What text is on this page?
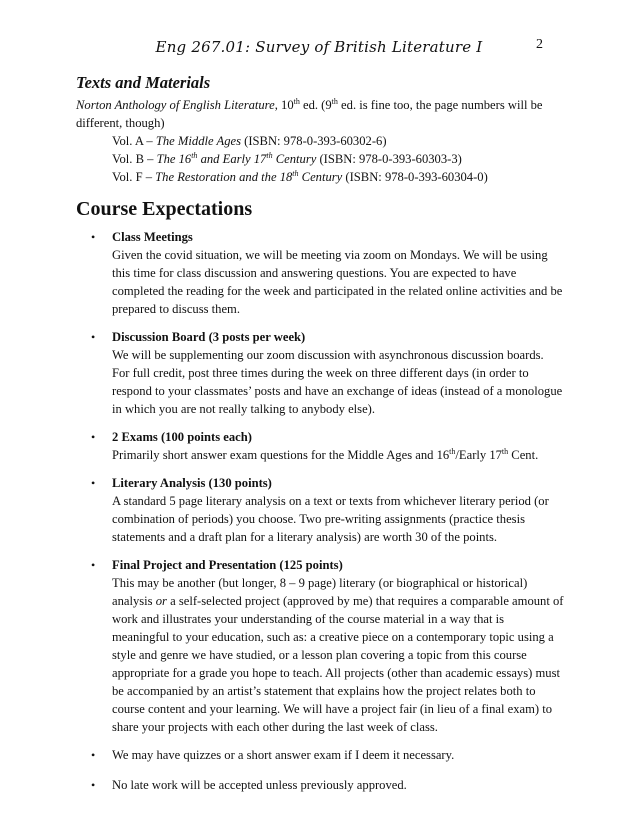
Eng 267.01: Survey of British Literature I	2
Texts and Materials

Norton Anthology of English Literature, 10th ed. (9th ed. is fine too, the page numbers will be different, though)

Vol. A – The Middle Ages (ISBN: 978-0-393-60302-6)
Vol. B – The 16th and Early 17th Century (ISBN: 978-0-393-60303-3)
Vol. F – The Restoration and the 18th Century (ISBN: 978-0-393-60304-0)
Course Expectations
• Class Meetings
Given the covid situation, we will be meeting via zoom on Mondays. We will be using this time for class discussion and answering questions. You are expected to have completed the reading for the week and participated in the related online activities and be prepared to discuss them.
• Discussion Board (3 posts per week)
We will be supplementing our zoom discussion with asynchronous discussion boards. For full credit, post three times during the week on three different days (in order to respond to your classmates’ posts and have an exchange of ideas (instead of a monologue in which you are not really talking to anybody else).
• 2 Exams (100 points each)
Primarily short answer exam questions for the Middle Ages and 16th/Early 17th Cent.
• Literary Analysis (130 points)
A standard 5 page literary analysis on a text or texts from whichever literary period (or combination of periods) you choose. Two pre-writing assignments (practice thesis statements and a draft plan for a literary analysis) are worth 30 of the points.
• Final Project and Presentation (125 points)
This may be another (but longer, 8 – 9 page) literary (or biographical or historical) analysis or a self-selected project (approved by me) that requires a comparable amount of work and illustrates your understanding of the course material in a way that is meaningful to your education, such as: a creative piece on a contemporary topic using a style and genre we have studied, or a lesson plan covering a topic from this course appropriate for a grade you hope to teach. All projects (other than academic essays) must be accompanied by an artist’s statement that explains how the project relates both to course content and your learning. We will have a project fair (in lieu of a final exam) to share your projects with each other during the last week of class.
• We may have quizzes or a short answer exam if I deem it necessary.
• No late work will be accepted unless previously approved.
